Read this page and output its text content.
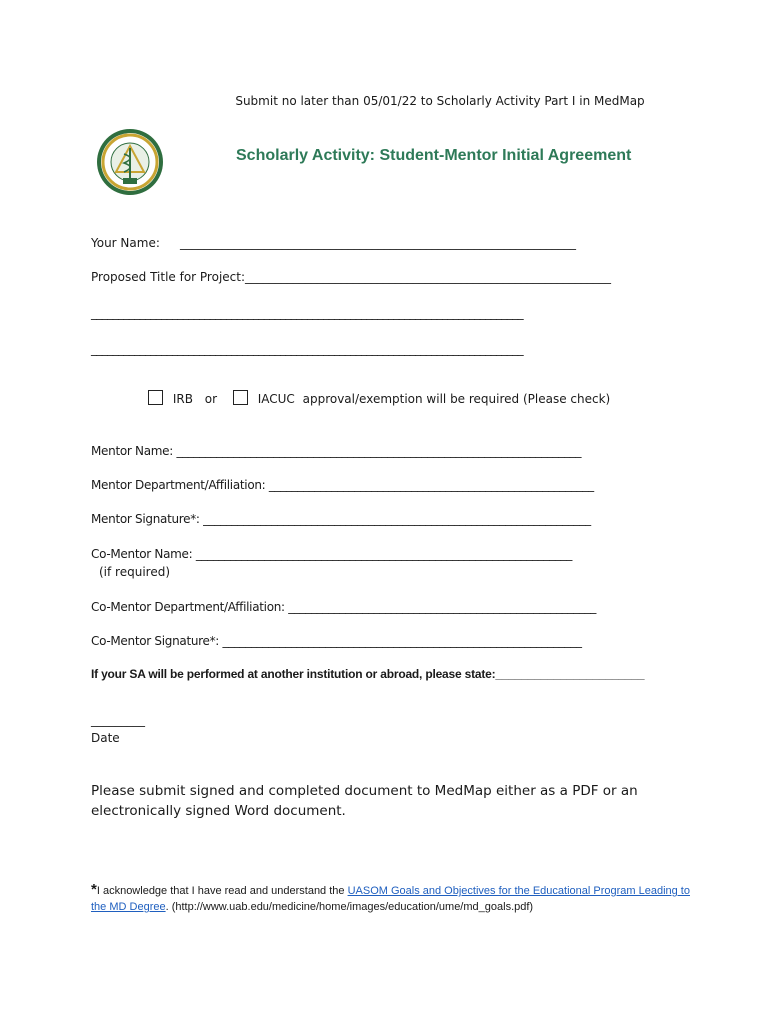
Submit no later than 05/01/22 to Scholarly Activity Part I in MedMap
Scholarly Activity: Student-Mentor Initial Agreement
Your Name: __________________________________________________________________
Proposed Title for Project: _____________________________________________________________
________________________________________________________________________________
________________________________________________________________________________
IRB or	IACUC approval/exemption will be required (Please check)
Mentor Name: _______________________________________________________________________
Mentor Department/Affiliation: _________________________________________________________
Mentor Signature*: ____________________________________________________________________
Co-Mentor Name: __________________________________________________________________
(if required)
Co-Mentor Department/Affiliation: ______________________________________________________
Co-Mentor Signature*: _______________________________________________________________
If your SA will be performed at another institution or abroad, please state:_______________________
_________
Date
Please submit signed and completed document to MedMap either as a PDF or an electronically signed Word document.
*I acknowledge that I have read and understand the UASOM Goals and Objectives for the Educational Program Leading to the MD Degree. (http://www.uab.edu/medicine/home/images/education/ume/md_goals.pdf)
